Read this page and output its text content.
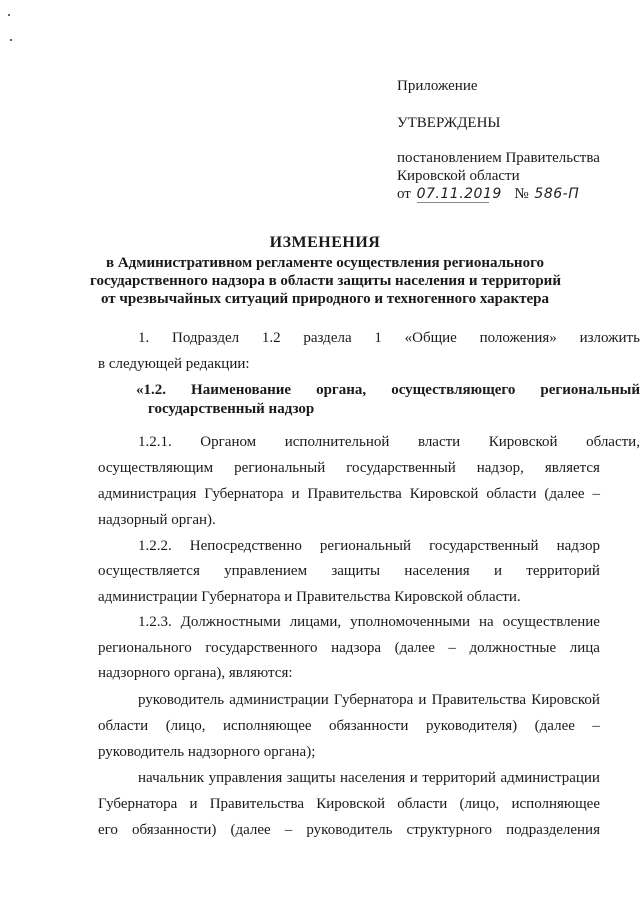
Приложение
УТВЕРЖДЕНЫ
постановлением Правительства
Кировской области
от 07.11.2019 № 586-П
ИЗМЕНЕНИЯ
в Административном регламенте осуществления регионального
государственного надзора в области защиты населения и территорий
от чрезвычайных ситуаций природного и техногенного характера
1. Подраздел 1.2 раздела 1 «Общие положения» изложить
в следующей редакции:
«1.2. Наименование органа, осуществляющего региональный
государственный надзор
1.2.1. Органом исполнительной власти Кировской области,
осуществляющим региональный государственный надзор, является
администрация Губернатора и Правительства Кировской области (далее –
надзорный орган).
1.2.2. Непосредственно региональный государственный надзор
осуществляется управлением защиты населения и территорий
администрации Губернатора и Правительства Кировской области.
1.2.3. Должностными лицами, уполномоченными на осуществление
регионального государственного надзора (далее – должностные лица
надзорного органа), являются:
руководитель администрации Губернатора и Правительства Кировской
области (лицо, исполняющее обязанности руководителя) (далее –
руководитель надзорного органа);
начальник управления защиты населения и территорий администрации
Губернатора и Правительства Кировской области (лицо, исполняющее
его обязанности) (далее – руководитель структурного подразделения
